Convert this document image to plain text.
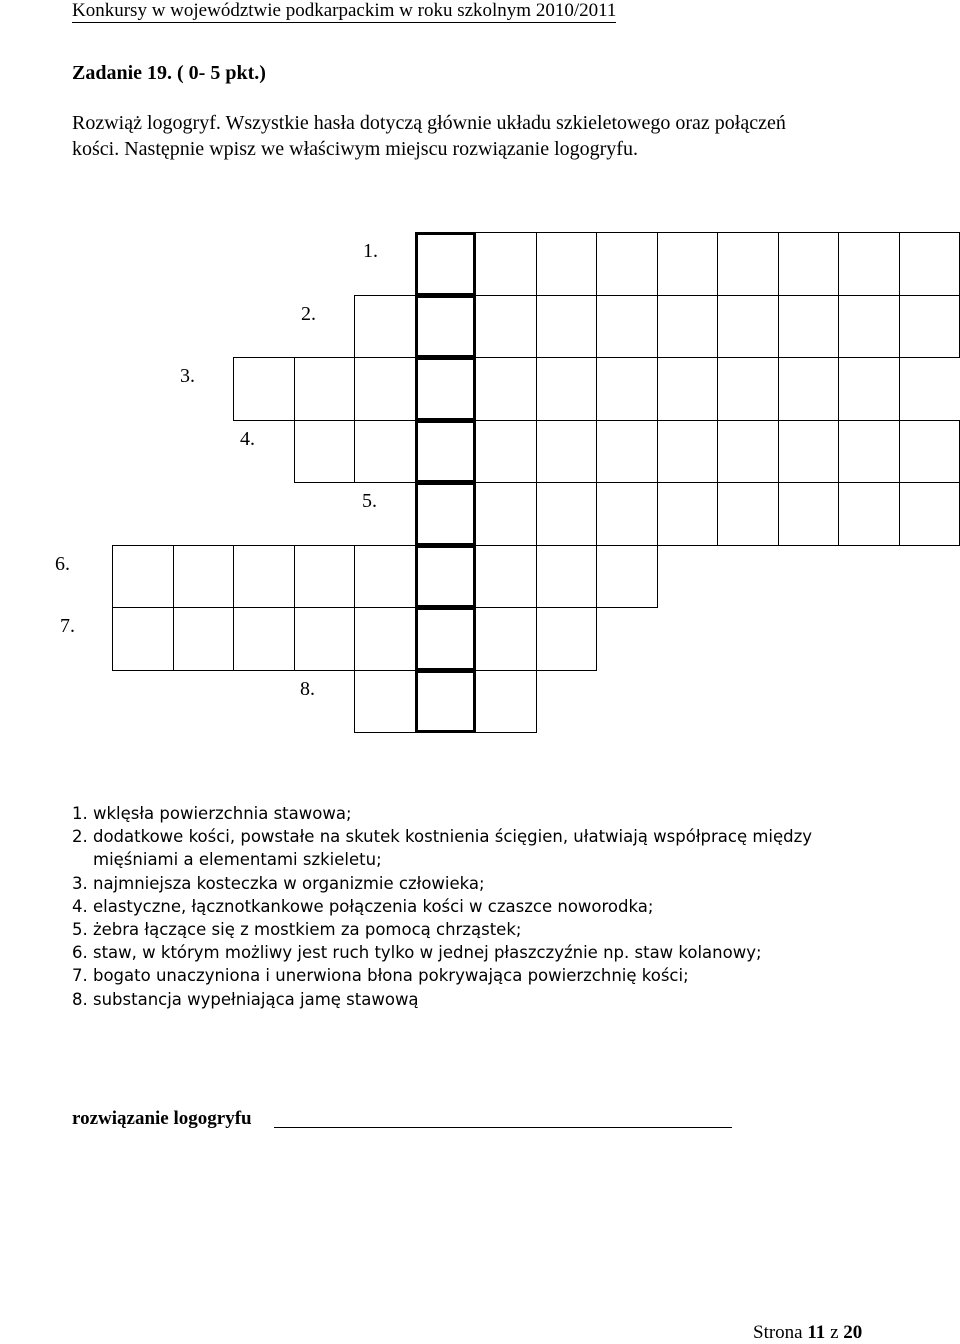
Konkursy w województwie podkarpackim w roku szkolnym 2010/2011
Zadanie 19. ( 0- 5 pkt.)
Rozwiąż logogryf. Wszystkie hasła dotyczą głównie układu szkieletowego oraz połączeń
kości. Następnie wpisz we właściwym miejscu rozwiązanie logogryfu.
1.
2.
3.
4.
5.
6.
7.
8.
1. wklęsła powierzchnia stawowa;
2. dodatkowe kości, powstałe na skutek kostnienia ścięgien, ułatwiają współpracę między
mięśniami a elementami szkieletu;
3. najmniejsza kosteczka w organizmie człowieka;
4. elastyczne, łącznotkankowe połączenia kości w czaszce noworodka;
5. żebra łączące się z mostkiem za pomocą chrząstek;
6. staw, w którym możliwy jest ruch tylko w jednej płaszczyźnie np. staw kolanowy;
7. bogato unaczyniona i unerwiona błona pokrywająca powierzchnię kości;
8. substancja wypełniająca jamę stawową
rozwiązanie logogryfu
Strona 11 z 20
